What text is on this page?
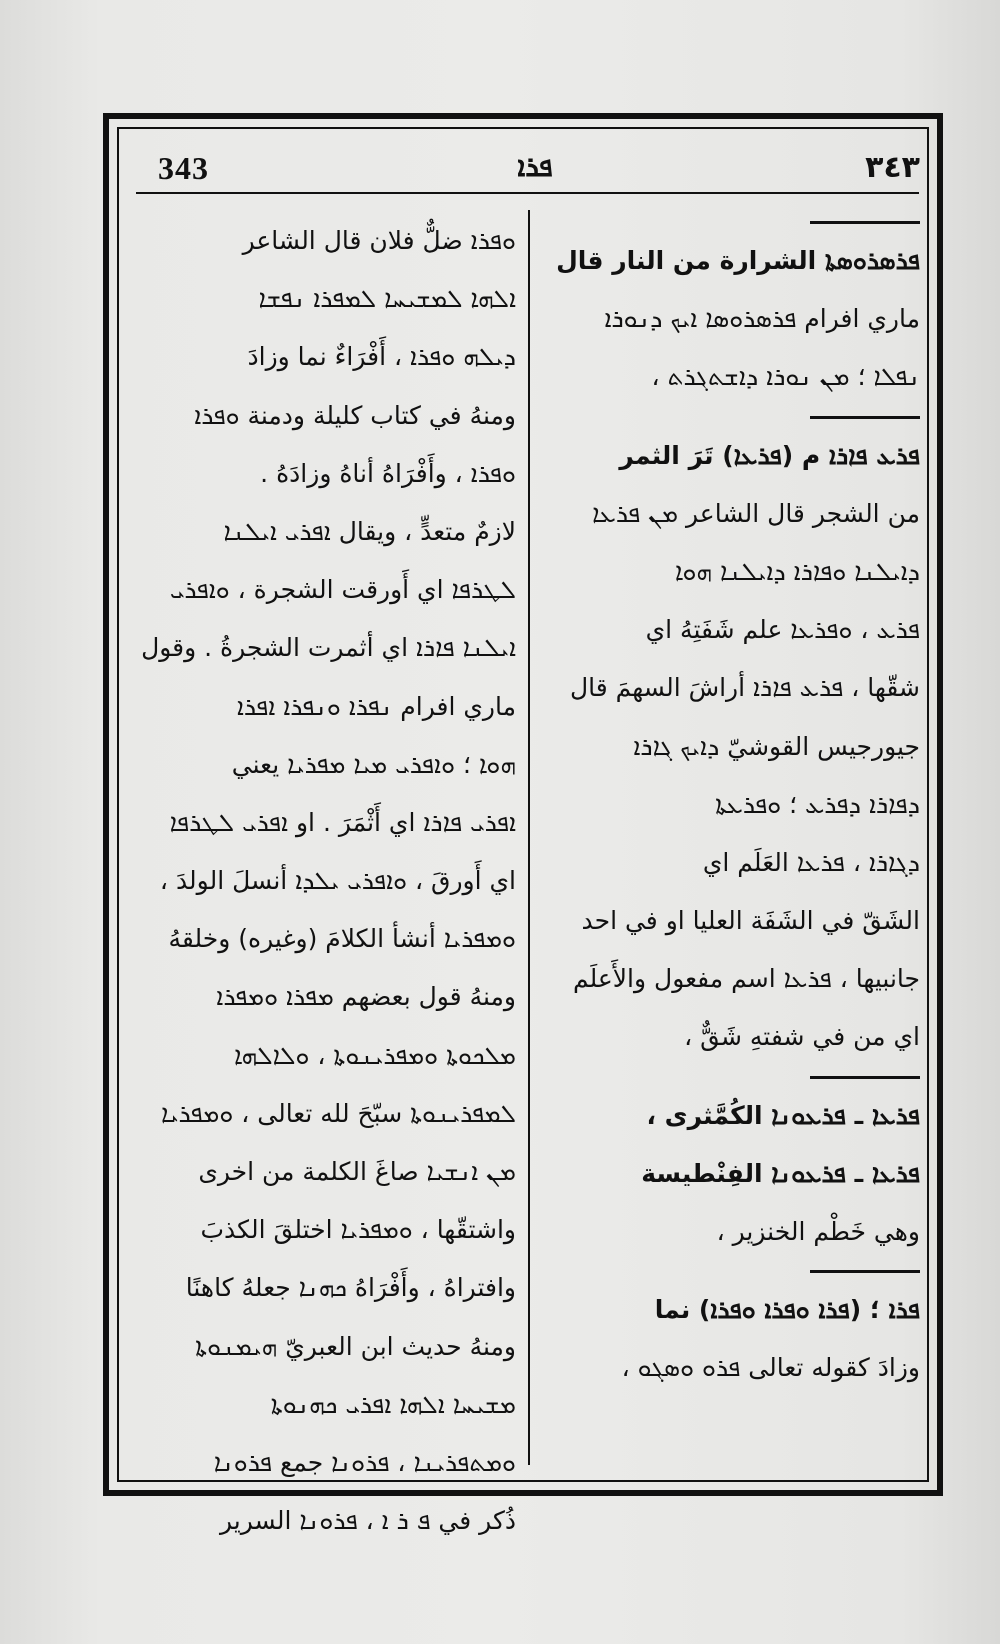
343	ܦܪܐ	٣٤٣
ܦܪܣܪܘܣܬܐ الشرارة من النار قال
ماري افرام ܦܪܣܪܘܣܐ ܐܝܟ ܕܢܘܪܐ
ܢܦܠܐ ؛ ܡܢ ܢܘܪܐ ܕܐܫܬܓܪܬ ،
ܦܪܥ ܦܐܪܐ م (ܦܪܥܐ) تَرَ الثمر
من الشجر قال الشاعر ܡܢ ܦܪܥܐ
ܕܐܝܠܢܐ ܘܦܐܪܐ ܕܐܝܠܢܐ ܗܘܐ
ܦܪܥ ، ܘܦܪܥܐ علم شَفَتِهُ اي
شقّها ، ܦܪܥ ܦܐܪܐ أراشَ السهمَ قال
جيورجيس القوشيّ ܕܐܝܟ ܓܐܪܐ
ܕܦܐܪܐ ܕܦܪܥ ؛ ܘܦܪܥܬܐ
ܕܓܐܪܐ ، ܦܪܥܐ العَلَم اي
الشَقّ في الشَفَة العليا او في احد
جانبيها ، ܦܪܥܐ اسم مفعول والأَعلَم
اي من في شفتهِ شَقٌّ ،
ܦܪܥܐ ـ ܦܪܥܘܢܐ الكُمَّثرى ،
ܦܪܥܐ ـ ܦܪܥܘܢܐ الفِنْطيسة
وهي خَطْم الخنزير ،
ܦܪܐ ؛ (ܦܪܐ ܘܦܪܐ ܘܦܪܐ) نما
وزادَ كقوله تعالى ܦܪܘ ܘܣܓܘ ،
ܘܦܪܐ ضلٌّ فلان قال الشاعر
ܐܠܗܐ ܠܡܫܝܚܐ ܠܡܦܪܐ ܢܦܫܐ
ܕܝܠܗ ܘܦܪܐ ، أَفْرَاءٌ نما وزادَ
ومنهُ في كتاب كليلة ودمنة ܘܦܪܐ
ܘܦܪܐ ، وأَفْرَاهُ أناهُ وزادَهُ .
لازمٌ متعدٍّ ، ويقال ܐܦܪܝ ܐܝܠܢܐ
ܠܛܪܦܐ اي أَورقت الشجرة ، ܘܐܦܪܝ
ܐܝܠܢܐ ܦܐܪܐ اي أثمرت الشجرةُ . وقول
ماري افرام ܢܦܪܐ ܘܢܦܪܐ ܐܦܪܐ
ܗܘܐ ؛ ܘܐܦܪܝ ܡܝܐ ܡܦܪܝܐ يعني
ܐܦܪܝ ܦܐܪܐ اي أَثْمَرَ . او ܐܦܪܝ ܠܛܪܦܐ
اي أَورقَ ، ܘܐܦܪܝ ܝܠܕܐ أنسلَ الولدَ ،
ܘܡܦܪܝܐ أنشأ الكلامَ (وغيره) وخلقهُ
ومنهُ قول بعضهم ܡܦܪܐ ܘܡܦܪܐ
ܡܠܟܘܬܐ ܘܡܦܪܝܢܘܬܐ ، ܘܠܐܠܗܐ
ܠܡܦܪܝܢܘܬܐ سبّحَ لله تعالى ، ܘܡܦܪܝܐ
ܡܢ ܐܢܫܝܐ صاغَ الكلمة من اخرى
واشتقّها ، ܘܡܦܪܝܐ اختلقَ الكذبَ
وافتراهُ ، وأَفْرَاهُ ܟܗܢܐ جعلهُ كاهنًا
ومنهُ حديث ابن العبريّ ܗܝܡܢܘܬܐ
ܡܫܝܚܐ ܐܠܗܐ ܐܦܪܝ ܟܗܢܘܬܐ
ܘܡܬܦܪܝܢܐ ، ܦܪܘܢܐ جمع ܦܪܘܢܐ
ذُكر في ܦ ܪ ܐ ، ܦܪܘܢܐ السرير
